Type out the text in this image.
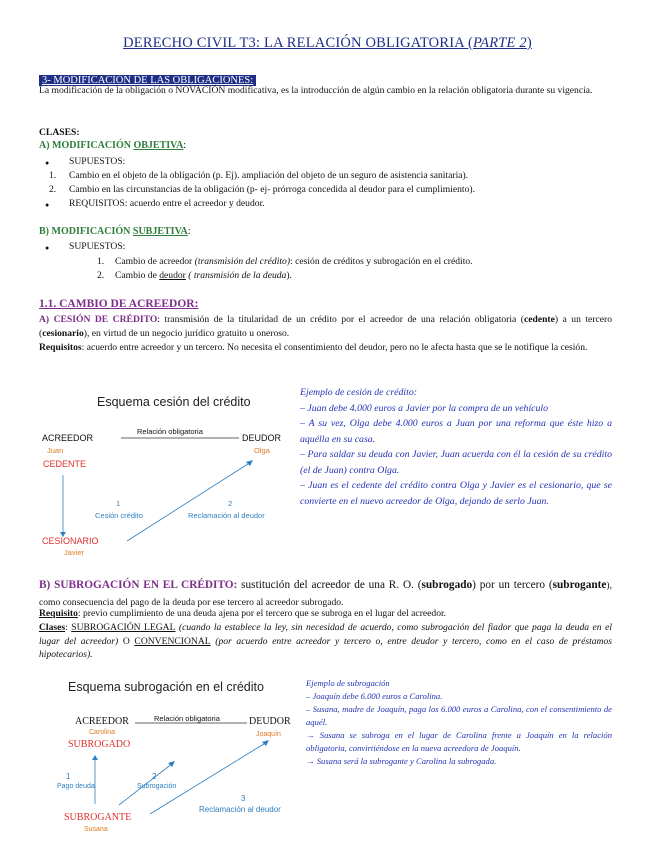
DERECHO CIVIL T3: LA RELACIÓN OBLIGATORIA (PARTE 2)
3- MODIFICACIÓN DE LAS OBLIGACIONES:
La modificación de la obligación o NOVACIÓN modificativa, es la introducción de algún cambio en la relación obligatoria durante su vigencia.
CLASES:
A) MODIFICACIÓN OBJETIVA:
SUPUESTOS:
1. Cambio en el objeto de la obligación (p. Ej). ampliación del objeto de un seguro de asistencia sanitaria).
2. Cambio en las circunstancias de la obligación (p- ej- prórroga concedida al deudor para el cumplimiento).
REQUISITOS: acuerdo entre el acreedor y deudor.
B) MODIFICACIÓN SUBJETIVA:
SUPUESTOS:
1. Cambio de acreedor (transmisión del crédito): cesión de créditos y subrogación en el crédito.
2. Cambio de deudor ( transmisión de la deuda).
1.1. CAMBIO DE ACREEDOR:
A) CESIÓN DE CRÉDITO: transmisión de la titularidad de un crédito por el acreedor de una relación obligatoria (cedente) a un tercero (cesionario), en virtud de un negocio jurídico gratuito u oneroso.
Requisitos: acuerdo entre acreedor y un tercero. No necesita el consentimiento del deudor, pero no le afecta hasta que se le notifique la cesión.
Esquema cesión del crédito
ACREEDOR
Juan
CEDENTE
Relación obligatoria
DEUDOR
Olga
1
Cesión crédito
2
Reclamación al deudor
CESIONARIO
Javier
Ejemplo de cesión de crédito:
– Juan debe 4.000 euros a Javier por la compra de un vehículo
– A su vez, Olga debe 4.000 euros a Juan por una reforma que éste hizo a aquélla en su casa.
– Para saldar su deuda con Javier, Juan acuerda con él la cesión de su crédito (el de Juan) contra Olga.
– Juan es el cedente del crédito contra Olga y Javier es el cesionario, que se convierte en el nuevo acreedor de Olga, dejando de serlo Juan.
B) SUBROGACIÓN EN EL CRÉDITO: sustitución del acreedor de una R. O. (subrogado) por un tercero (subrogante), como consecuencia del pago de la deuda por ese tercero al acreedor subrogado.
Requisito: previo cumplimiento de una deuda ajena por el tercero que se subroga en el lugar del acreedor.
Clases: SUBROGACIÓN LEGAL (cuando la establece la ley, sin necesidad de acuerdo, como subrogación del fiador que paga la deuda en el lugar del acreedor) O CONVENCIONAL (por acuerdo entre acreedor y tercero o, entre deudor y tercero, como en el caso de préstamos hipotecarios).
Esquema subrogación en el crédito
ACREEDOR	Relación obligatoria	DEUDOR
Carolina
SUBROGADO
Joaquín
1
Pago deuda
2
Subrogación
3
Reclamación al deudor
SUBROGANTE
Susana
Ejemplo de subrogación
– Joaquín debe 6.000 euros a Carolina.
– Susana, madre de Joaquín, paga los 6.000 euros a Carolina, con el consentimiento de aquél.
→ Susana se subroga en el lugar de Carolina frente a Joaquín en la relación obligatoria, convirtiéndose en la nueva acreedora de Joaquín.
→ Susana será la subrogante y Carolina la subrogada.
